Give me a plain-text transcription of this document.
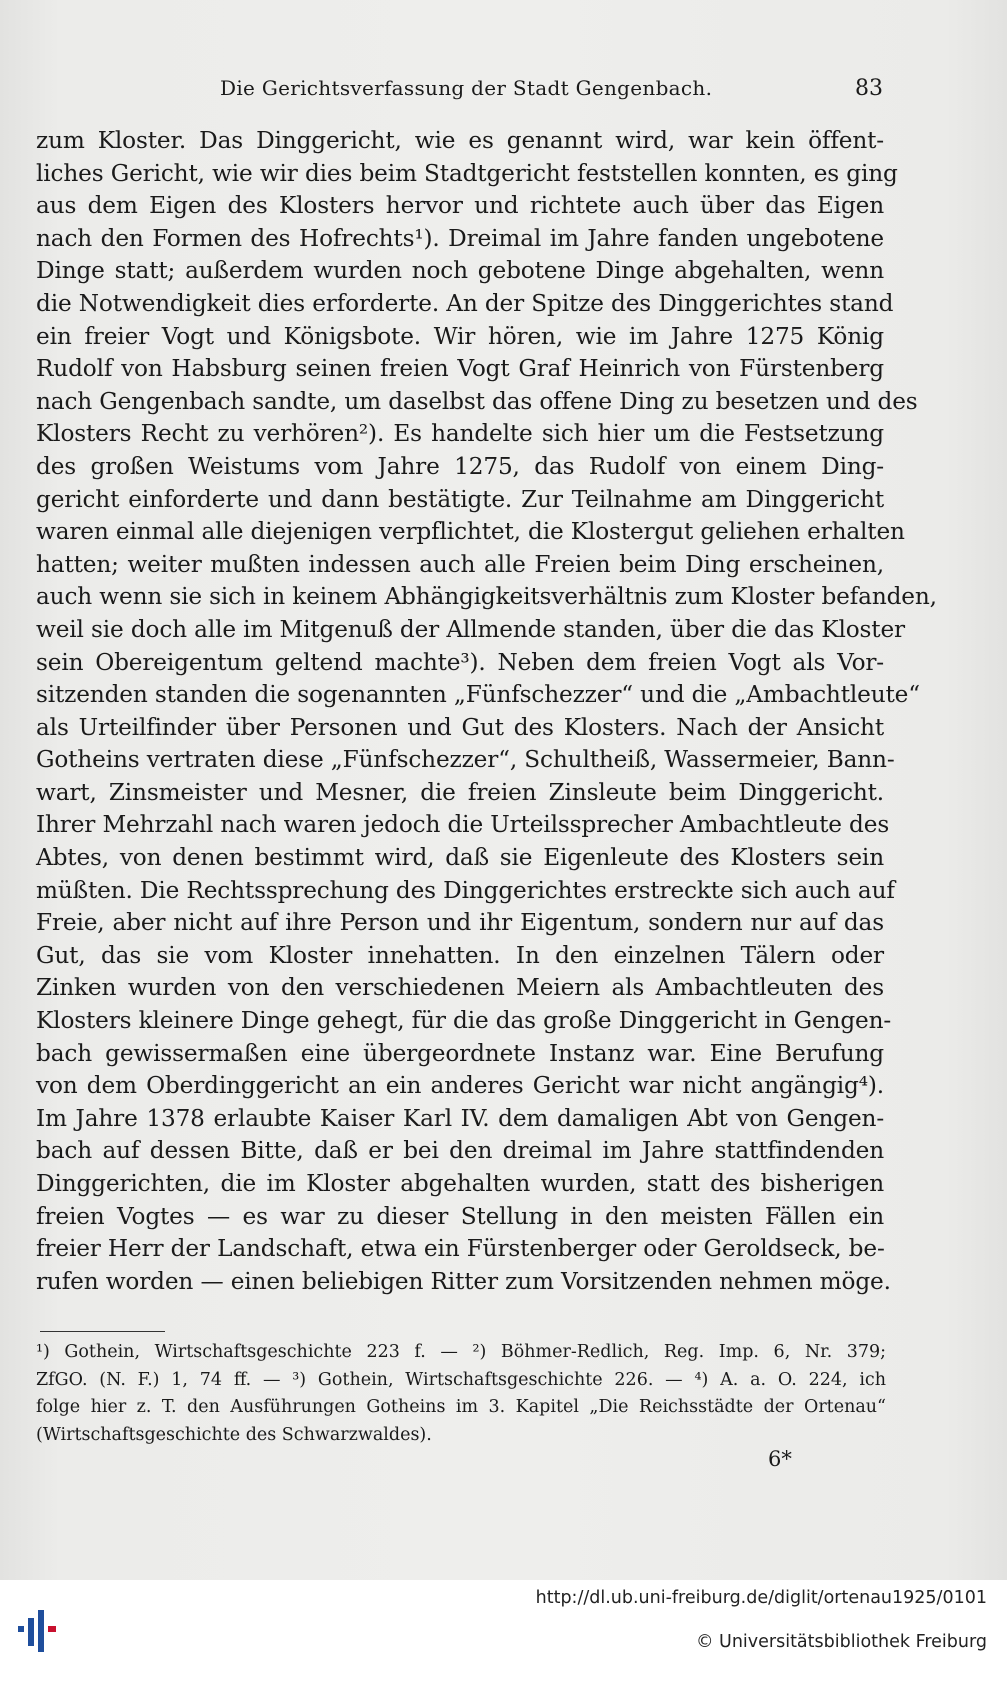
Die Gerichtsverfassung der Stadt Gengenbach.	83
zum Kloster. Das Dinggericht, wie es genannt wird, war kein öffent-
liches Gericht, wie wir dies beim Stadtgericht feststellen konnten, es ging
aus dem Eigen des Klosters hervor und richtete auch über das Eigen
nach den Formen des Hofrechts¹). Dreimal im Jahre fanden ungebotene
Dinge statt; außerdem wurden noch gebotene Dinge abgehalten, wenn
die Notwendigkeit dies erforderte. An der Spitze des Dinggerichtes stand
ein freier Vogt und Königsbote. Wir hören, wie im Jahre 1275 König
Rudolf von Habsburg seinen freien Vogt Graf Heinrich von Fürstenberg
nach Gengenbach sandte, um daselbst das offene Ding zu besetzen und des
Klosters Recht zu verhören²). Es handelte sich hier um die Festsetzung
des großen Weistums vom Jahre 1275, das Rudolf von einem Ding-
gericht einforderte und dann bestätigte. Zur Teilnahme am Dinggericht
waren einmal alle diejenigen verpflichtet, die Klostergut geliehen erhalten
hatten; weiter mußten indessen auch alle Freien beim Ding erscheinen,
auch wenn sie sich in keinem Abhängigkeitsverhältnis zum Kloster befanden,
weil sie doch alle im Mitgenuß der Allmende standen, über die das Kloster
sein Obereigentum geltend machte³). Neben dem freien Vogt als Vor-
sitzenden standen die sogenannten „Fünfschezzer“ und die „Ambachtleute“
als Urteilfinder über Personen und Gut des Klosters. Nach der Ansicht
Gotheins vertraten diese „Fünfschezzer“, Schultheiß, Wassermeier, Bann-
wart, Zinsmeister und Mesner, die freien Zinsleute beim Dinggericht.
Ihrer Mehrzahl nach waren jedoch die Urteilssprecher Ambachtleute des
Abtes, von denen bestimmt wird, daß sie Eigenleute des Klosters sein
müßten. Die Rechtssprechung des Dinggerichtes erstreckte sich auch auf
Freie, aber nicht auf ihre Person und ihr Eigentum, sondern nur auf das
Gut, das sie vom Kloster innehatten. In den einzelnen Tälern oder
Zinken wurden von den verschiedenen Meiern als Ambachtleuten des
Klosters kleinere Dinge gehegt, für die das große Dinggericht in Gengen-
bach gewissermaßen eine übergeordnete Instanz war. Eine Berufung
von dem Oberdinggericht an ein anderes Gericht war nicht angängig⁴).
Im Jahre 1378 erlaubte Kaiser Karl IV. dem damaligen Abt von Gengen-
bach auf dessen Bitte, daß er bei den dreimal im Jahre stattfindenden
Dinggerichten, die im Kloster abgehalten wurden, statt des bisherigen
freien Vogtes — es war zu dieser Stellung in den meisten Fällen ein
freier Herr der Landschaft, etwa ein Fürstenberger oder Geroldseck, be-
rufen worden — einen beliebigen Ritter zum Vorsitzenden nehmen möge.
¹) Gothein, Wirtschaftsgeschichte 223 f. — ²) Böhmer-Redlich, Reg. Imp. 6, Nr. 379;
ZfGO. (N. F.) 1, 74 ff. — ³) Gothein, Wirtschaftsgeschichte 226. — ⁴) A. a. O. 224, ich
folge hier z. T. den Ausführungen Gotheins im 3. Kapitel „Die Reichsstädte der Ortenau“
(Wirtschaftsgeschichte des Schwarzwaldes).
6*
http://dl.ub.uni-freiburg.de/diglit/ortenau1925/0101
© Universitätsbibliothek Freiburg
